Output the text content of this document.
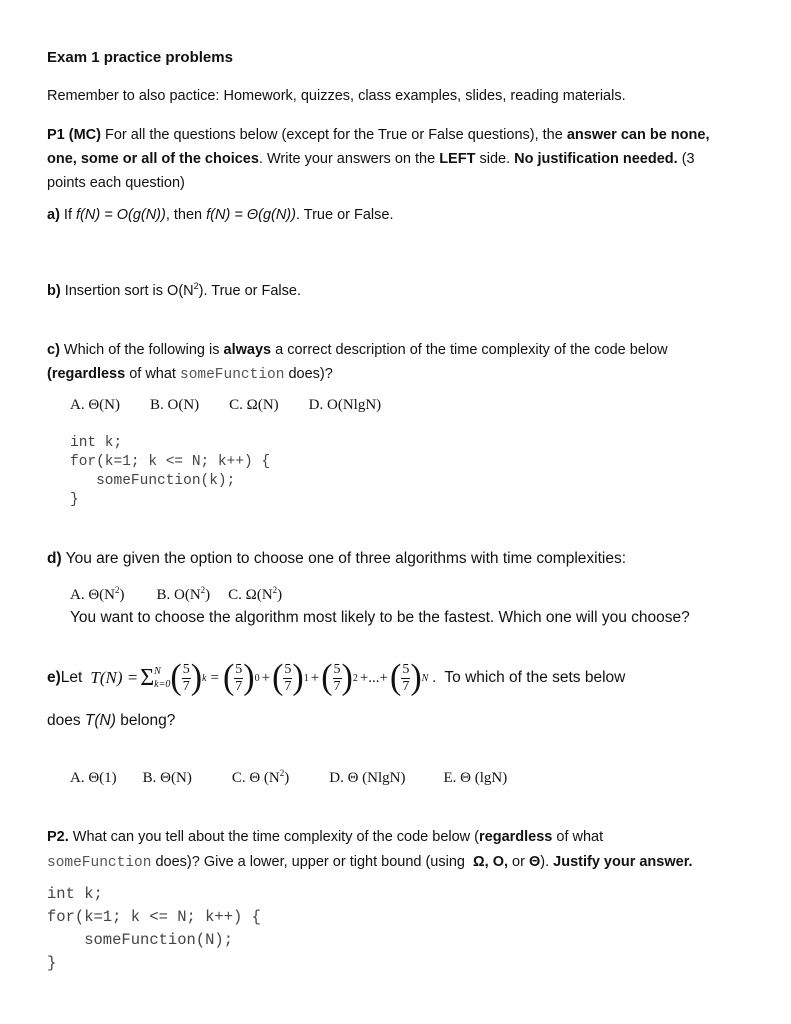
Exam 1 practice problems
Remember to also pactice: Homework, quizzes, class examples, slides, reading materials.
P1 (MC) For all the questions below (except for the True or False questions), the answer can be none,
one, some or all of the choices. Write your answers on the LEFT side. No justification needed. (3
points each question)
a) If f(N) = O(g(N)), then f(N) = Θ(g(N)). True or False.
b) Insertion sort is $O(N^2)$. True or False.
c) Which of the following is always a correct description of the time complexity of the code below
(regardless of what someFunction does)?
A. Θ(N) B. O(N) C. Ω(N) D. O(NlgN)
int k;
for(k=1; k <= N; k++) {
someFunction(k);
}
d) You are given the option to choose one of three algorithms with time complexities:
A. $\Theta(N^2)$ B. $O(N^2)$ C. $\Omega(N^2)$
You want to choose the algorithm most likely to be the fastest. Which one will you choose?
e) Let T(N) = Σ N
k=0 ( $\frac{5}{7}$ ) k = ( $\frac{5}{7}$ ) 0 + ( $\frac{5}{7}$ ) 1 + ( $\frac{5}{7}$ ) 2 +...+ ( $\frac{5}{7}$ ) N . To which of the sets below
does T(N) belong?
A. Θ(1) B. Θ(N)	C. Θ $(N^2)$	D. Θ (NlgN)	E. Θ (lgN)
P2. What can you tell about the time complexity of the code below (regardless of what
someFunction does)? Give a lower, upper or tight bound (using  Ω, O, or Θ). Justify your answer.
int k;
for(k=1; k <= N; k++) {
someFunction(N);
}
